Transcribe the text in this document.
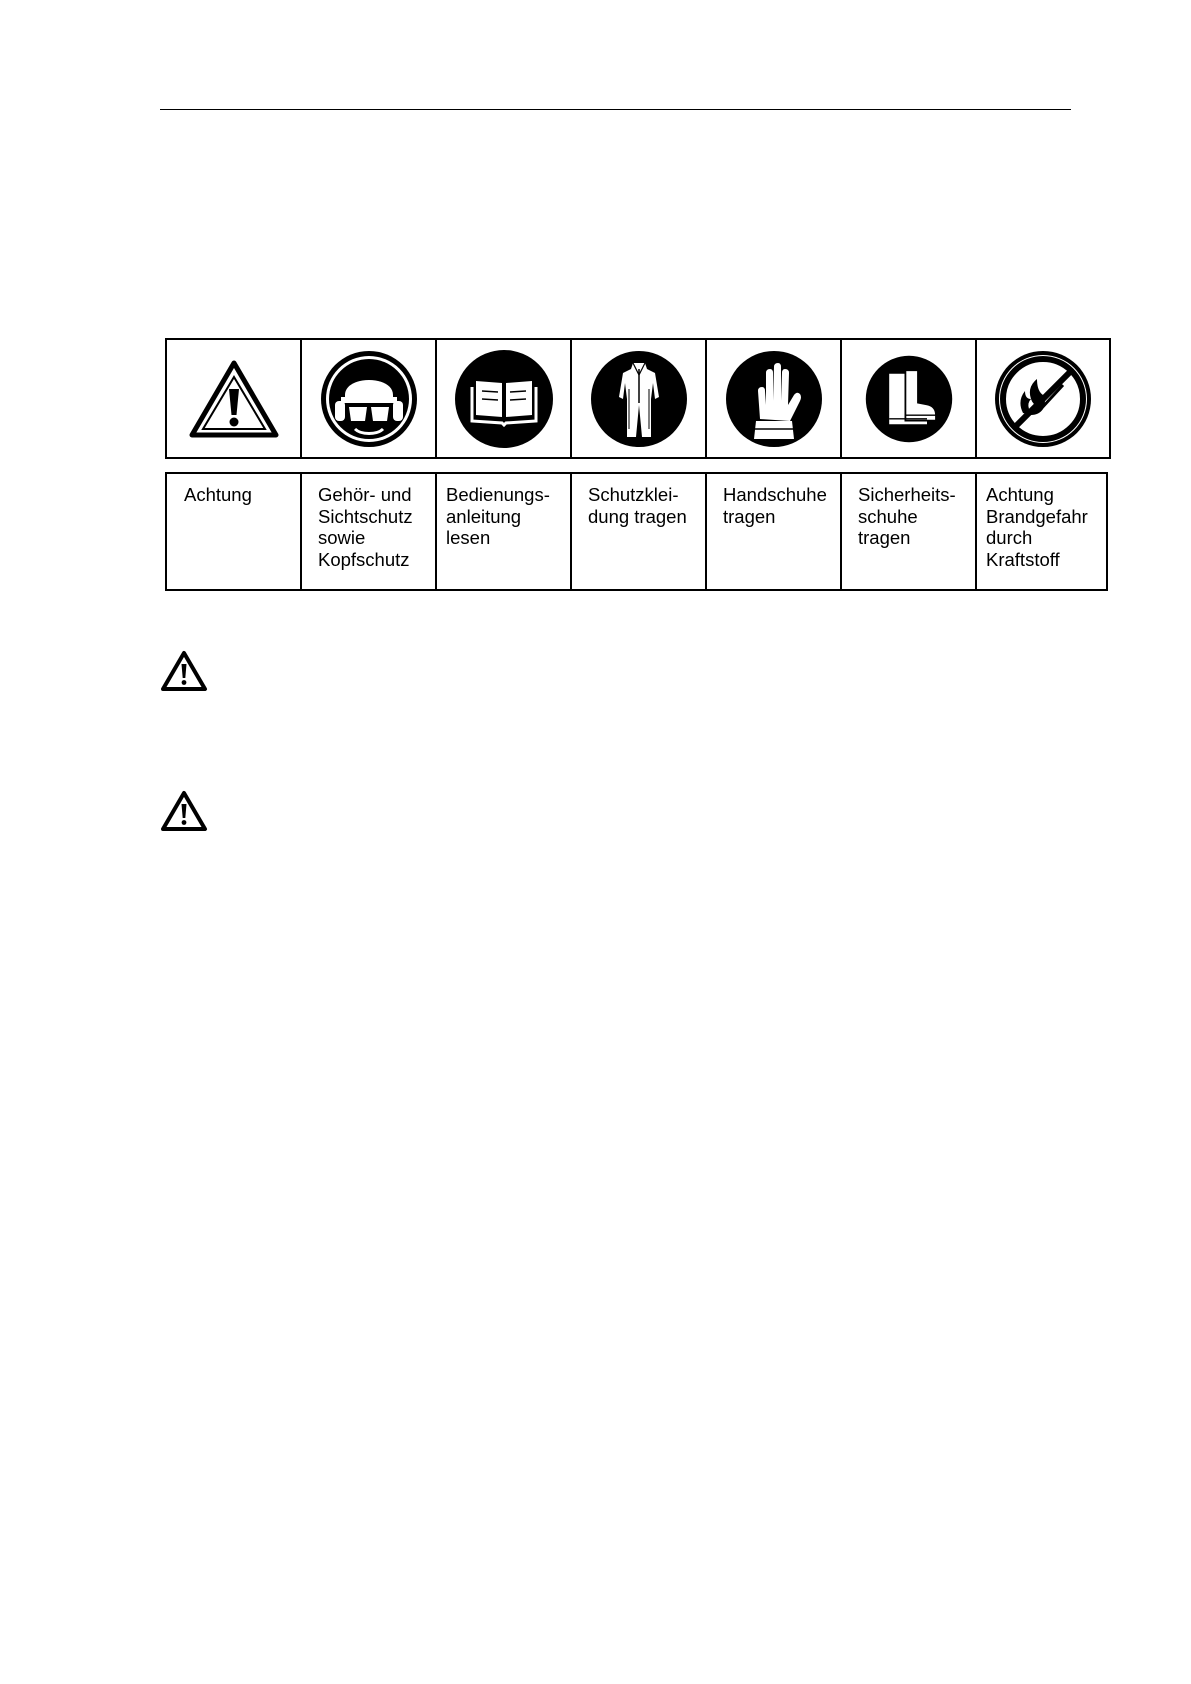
Achtung	Gehör- und
Sichtschutz
sowie
Kopfschutz
Bedienungs-
anleitung
lesen
Schutzklei-
dung tragen
Handschuhe
tragen
Sicherheits-
schuhe
tragen
Achtung
Brandgefahr
durch
Kraftstoff
